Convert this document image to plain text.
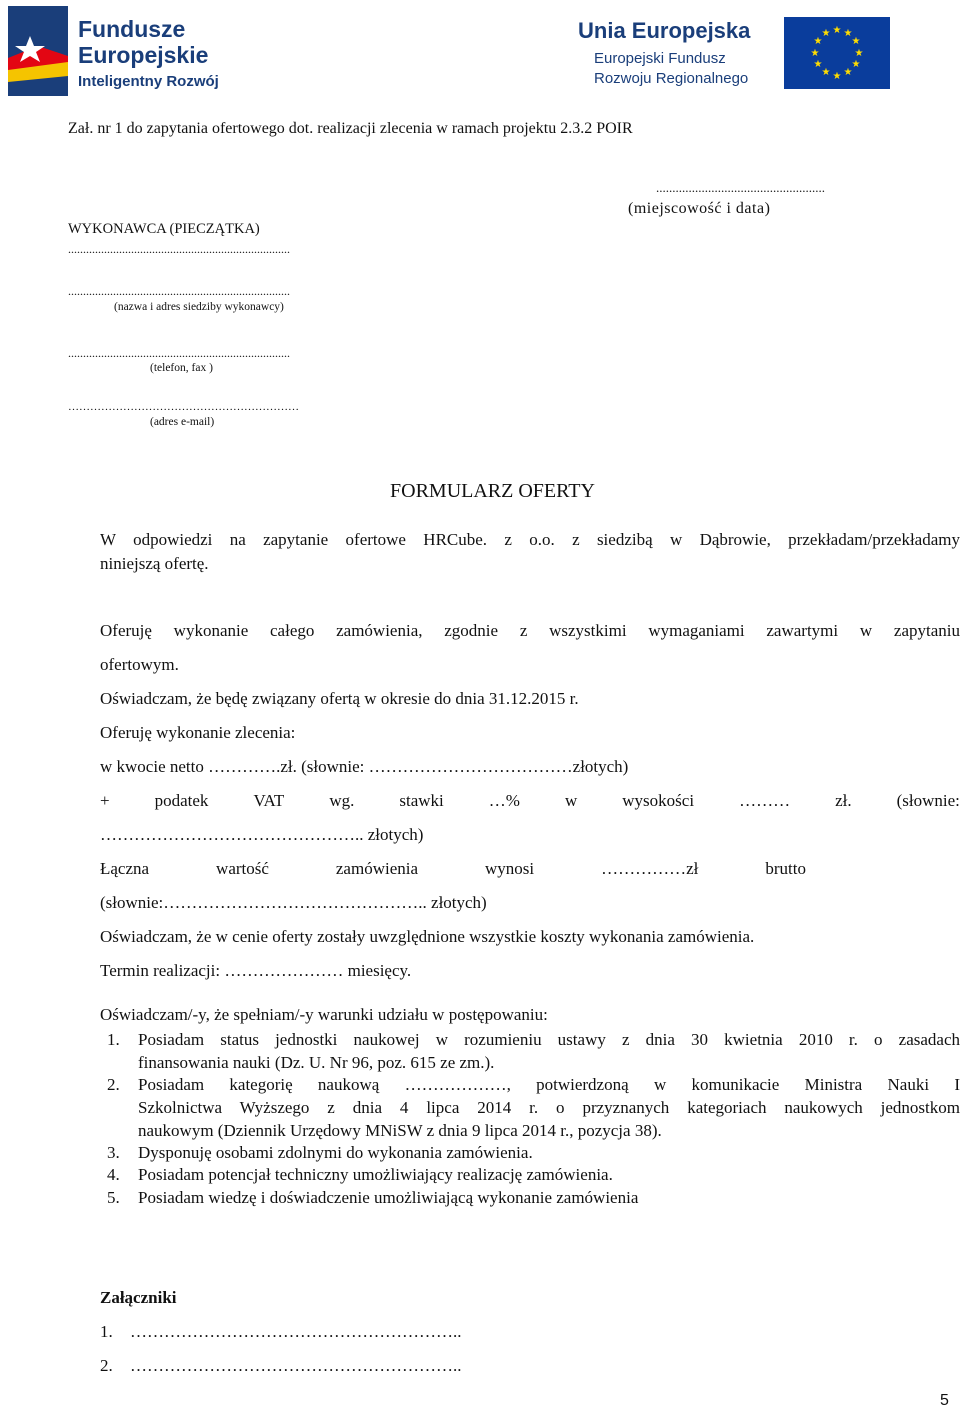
Fundusze
Europejskie
Inteligentny Rozwój
Unia Europejska
Europejski Fundusz
Rozwoju Regionalnego
★ ★
★
★
★
★
★
★
★
★
★
★
Zał. nr 1 do zapytania ofertowego dot. realizacji zlecenia w ramach projektu 2.3.2 POIR
....................................................
(miejscowość i data)
WYKONAWCA (PIECZĄTKA)
..........................................................................
..........................................................................
(nazwa i adres siedziby wykonawcy)
..........................................................................
(telefon, fax )
………………………………………………………
(adres e-mail)
FORMULARZ OFERTY
W odpowiedzi na zapytanie ofertowe HRCube. z o.o. z siedzibą w Dąbrowie, przekładam/przekładamy
niniejszą ofertę.
Oferuję wykonanie całego zamówienia, zgodnie z wszystkimi wymaganiami zawartymi w zapytaniu
ofertowym.
Oświadczam, że będę związany ofertą w okresie do dnia 31.12.2015 r.
Oferuję wykonanie zlecenia:
w kwocie netto ………….zł. (słownie: ………………………………złotych)
+	podatek	VAT	wg.	stawki	…%	w	wysokości	………	zł.	(słownie:
……………………………………….. złotych)
Łączna	wartość	zamówienia	wynosi	……………zł	brutto
(słownie:……………………………………….. złotych)
Oświadczam, że w cenie oferty zostały uwzględnione wszystkie koszty wykonania zamówienia.
Termin realizacji: ………………… miesięcy.
Oświadczam/-y, że spełniam/-y warunki udziału w postępowaniu:
1. Posiadam status jednostki naukowej w rozumieniu ustawy z dnia 30 kwietnia 2010 r. o zasadach
finansowania nauki (Dz. U. Nr 96, poz. 615 ze zm.).
2. Posiadam kategorię naukową ………………, potwierdzoną w komunikacie Ministra Nauki I
Szkolnictwa Wyższego z dnia 4 lipca 2014 r. o przyznanych kategoriach naukowych jednostkom
naukowym (Dziennik Urzędowy MNiSW z dnia 9 lipca 2014 r., pozycja 38).
3. Dysponuję osobami zdolnymi do wykonania zamówienia.
4. Posiadam potencjał techniczny umożliwiający realizację zamówienia.
5. Posiadam wiedzę i doświadczenie umożliwiającą wykonanie zamówienia
Załączniki
1. …………………………………………………..
2. …………………………………………………..
5
